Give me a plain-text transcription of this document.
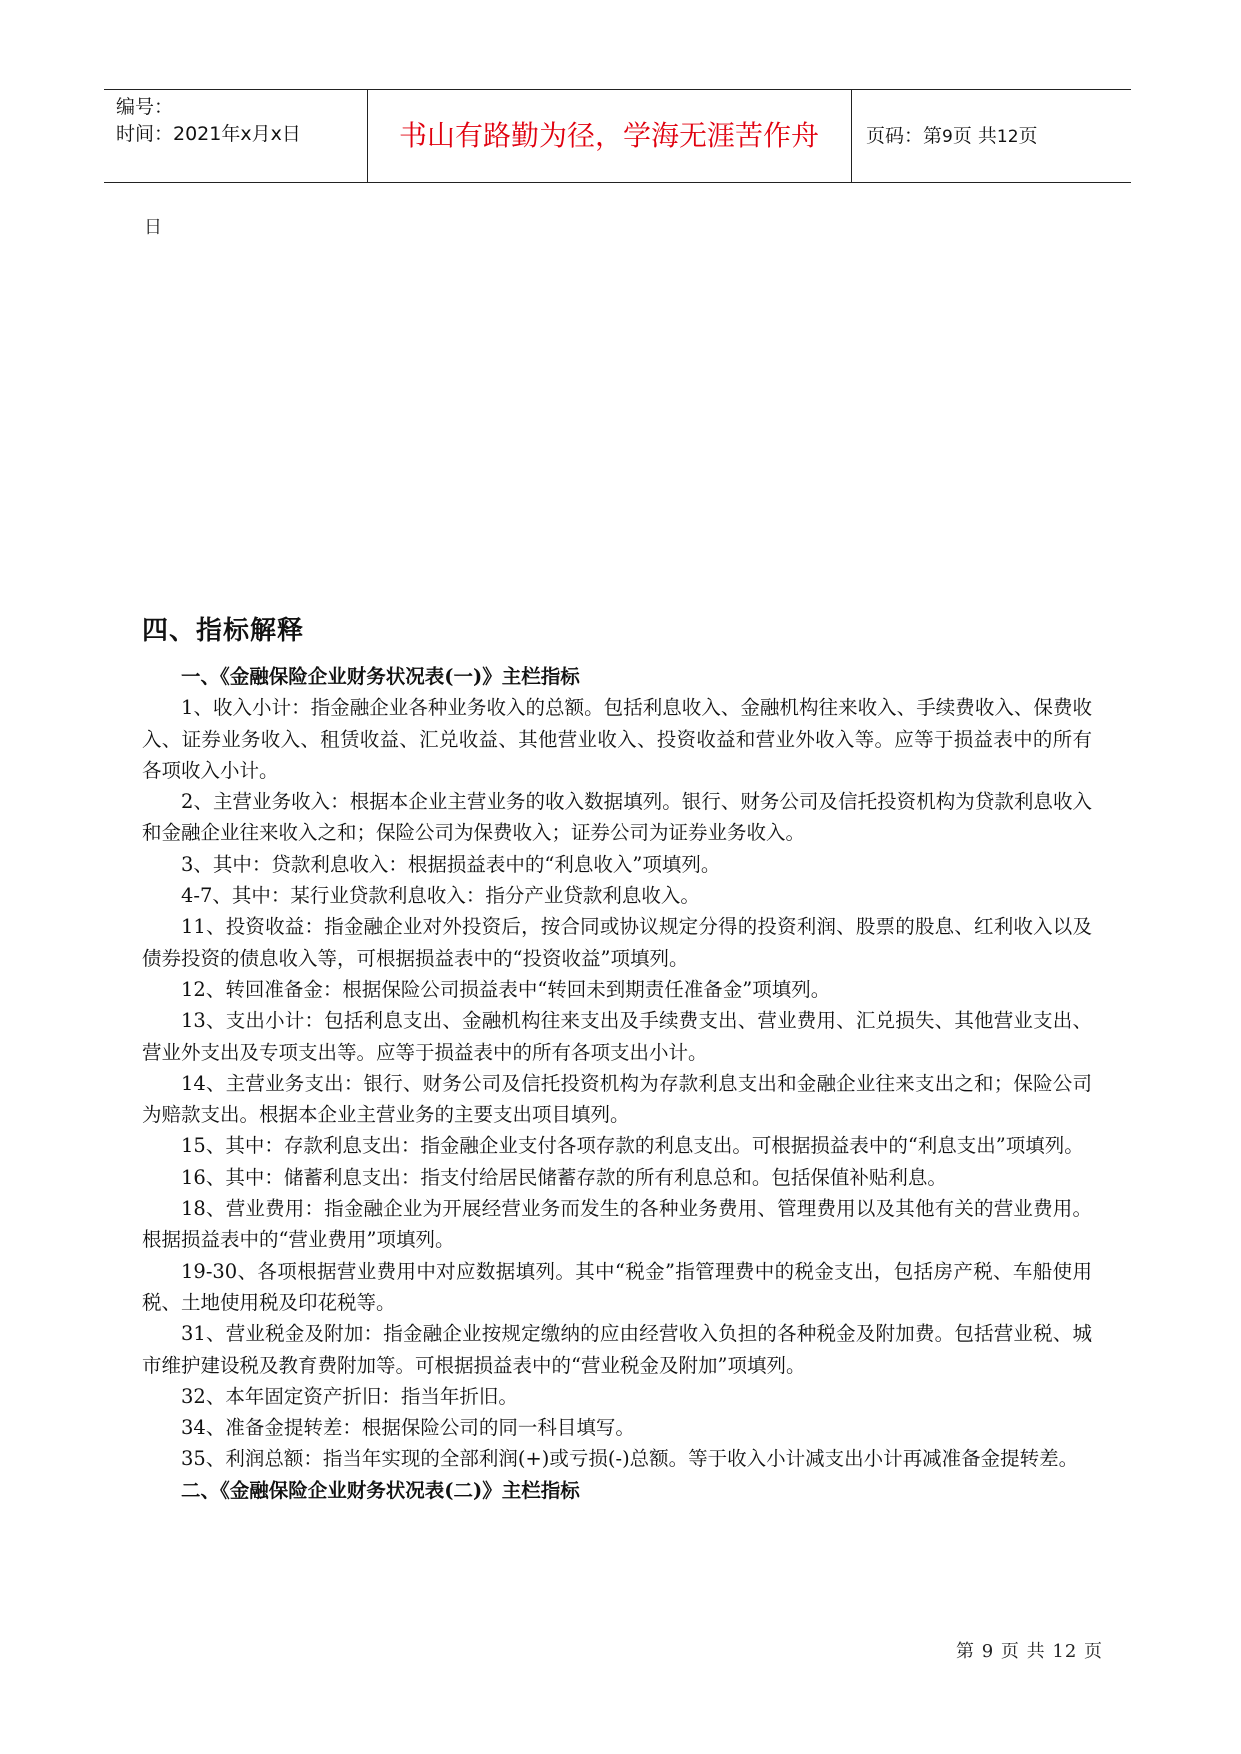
编号：
时间：2021年x月x日	书山有路勤为径，学海无涯苦作舟	页码：第9页 共12页
日
四、指标解释

一、《金融保险企业财务状况表(一)》主栏指标

1、收入小计：指金融企业各种业务收入的总额。包括利息收入、金融机构往来收入、手续费收入、保费收入、证券业务收入、租赁收益、汇兑收益、其他营业收入、投资收益和营业外收入等。应等于损益表中的所有各项收入小计。

2、主营业务收入：根据本企业主营业务的收入数据填列。银行、财务公司及信托投资机构为贷款利息收入和金融企业往来收入之和；保险公司为保费收入；证券公司为证券业务收入。

3、其中：贷款利息收入：根据损益表中的“利息收入”项填列。

4-7、其中：某行业贷款利息收入：指分产业贷款利息收入。

11、投资收益：指金融企业对外投资后，按合同或协议规定分得的投资利润、股票的股息、红利收入以及债券投资的债息收入等，可根据损益表中的“投资收益”项填列。

12、转回准备金：根据保险公司损益表中“转回未到期责任准备金”项填列。

13、支出小计：包括利息支出、金融机构往来支出及手续费支出、营业费用、汇兑损失、其他营业支出、营业外支出及专项支出等。应等于损益表中的所有各项支出小计。

14、主营业务支出：银行、财务公司及信托投资机构为存款利息支出和金融企业往来支出之和；保险公司为赔款支出。根据本企业主营业务的主要支出项目填列。

15、其中：存款利息支出：指金融企业支付各项存款的利息支出。可根据损益表中的“利息支出”项填列。

16、其中：储蓄利息支出：指支付给居民储蓄存款的所有利息总和。包括保值补贴利息。

18、营业费用：指金融企业为开展经营业务而发生的各种业务费用、管理费用以及其他有关的营业费用。根据损益表中的“营业费用”项填列。

19-30、各项根据营业费用中对应数据填列。其中“税金”指管理费中的税金支出，包括房产税、车船使用税、土地使用税及印花税等。

31、营业税金及附加：指金融企业按规定缴纳的应由经营收入负担的各种税金及附加费。包括营业税、城市维护建设税及教育费附加等。可根据损益表中的“营业税金及附加”项填列。

32、本年固定资产折旧：指当年折旧。

34、准备金提转差：根据保险公司的同一科目填写。

35、利润总额：指当年实现的全部利润(+)或亏损(-)总额。等于收入小计减支出小计再减准备金提转差。

二、《金融保险企业财务状况表(二)》主栏指标

第 9 页 共 12 页
